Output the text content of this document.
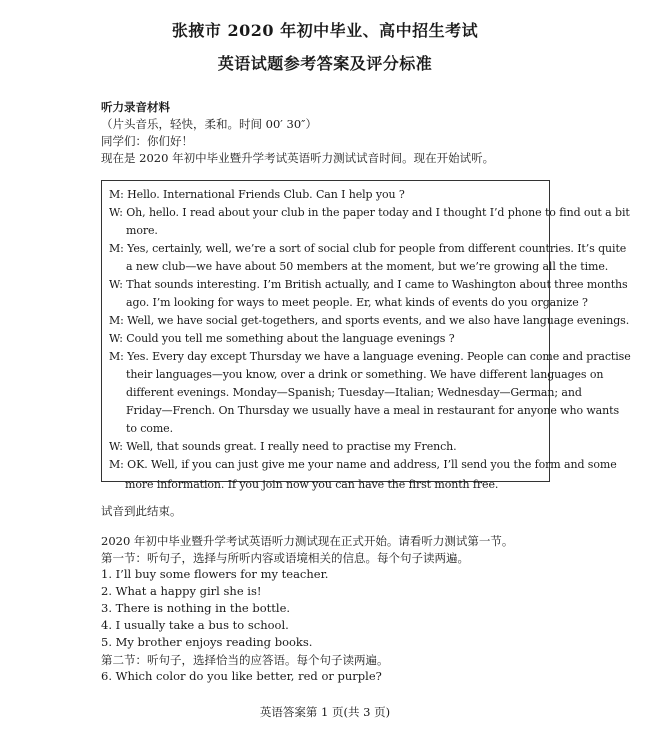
张掖市 2020 年初中毕业、高中招生考试
英语试题参考答案及评分标准
听力录音材料
（片头音乐，轻快，柔和。时间 00′ 30″）
同学们：你们好！
现在是 2020 年初中毕业暨升学考试英语听力测试试音时间。现在开始试听。
M: Hello. International Friends Club. Can I help you ?
W: Oh, hello. I read about your club in the paper today and I thought I’d phone to find out a bit
more.
M: Yes, certainly, well, we’re a sort of social club for people from different countries. It’s quite
a new club—we have about 50 members at the moment, but we’re growing all the time.
W: That sounds interesting. I’m British actually, and I came to Washington about three months
ago. I’m looking for ways to meet people. Er, what kinds of events do you organize ?
M: Well, we have social get-togethers, and sports events, and we also have language evenings.
W: Could you tell me something about the language evenings ?
M: Yes. Every day except Thursday we have a language evening. People can come and practise
their languages—you know, over a drink or something. We have different languages on
different evenings. Monday—Spanish; Tuesday—Italian; Wednesday—German; and
Friday—French. On Thursday we usually have a meal in restaurant for anyone who wants
to come.
W: Well, that sounds great. I really need to practise my French.
M: OK. Well, if you can just give me your name and address, I’ll send you the form and some
more information. If you join now you can have the first month free.
试音到此结束。
2020 年初中毕业暨升学考试英语听力测试现在正式开始。请看听力测试第一节。
第一节：听句子，选择与所听内容或语境相关的信息。每个句子读两遍。
1. I’ll buy some flowers for my teacher.
2. What a happy girl she is!
3. There is nothing in the bottle.
4. I usually take a bus to school.
5. My brother enjoys reading books.
第二节：听句子，选择恰当的应答语。每个句子读两遍。
6. Which color do you like better, red or purple?
英语答案第 1 页(共 3 页)
